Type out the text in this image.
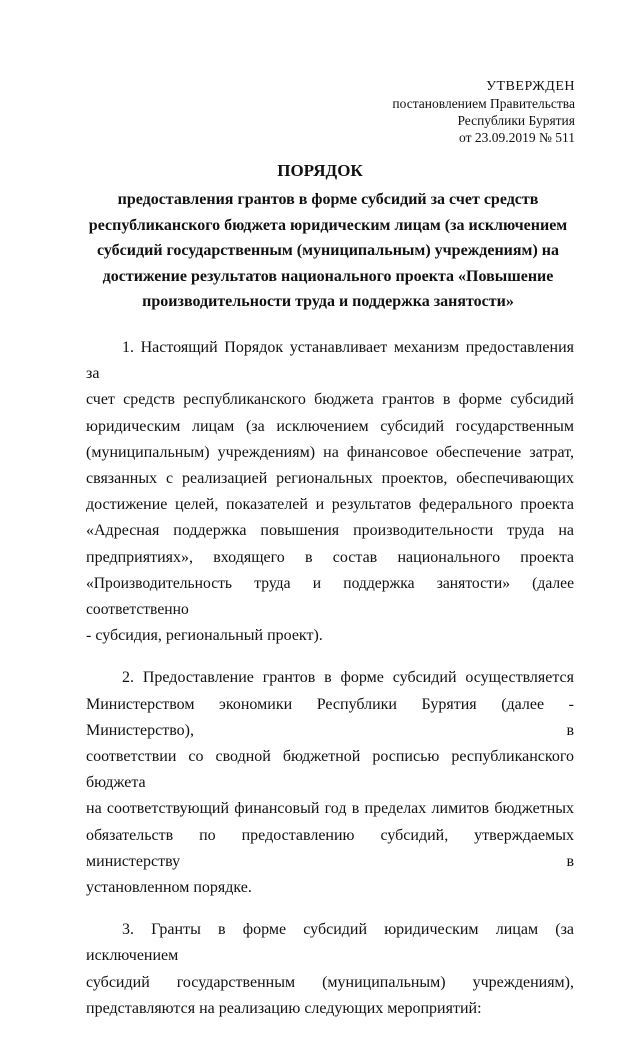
УТВЕРЖДЕН
постановлением Правительства
Республики Бурятия
от 23.09.2019 № 511
ПОРЯДОК
предоставления грантов в форме субсидий за счет средств
республиканского бюджета юридическим лицам (за исключением
субсидий государственным (муниципальным) учреждениям) на
достижение результатов национального проекта «Повышение
производительности труда и поддержка занятости»
1. Настоящий Порядок устанавливает механизм предоставления за
счет средств республиканского бюджета грантов в форме субсидий
юридическим лицам (за исключением субсидий государственным
(муниципальным) учреждениям) на финансовое обеспечение затрат,
связанных с реализацией региональных проектов, обеспечивающих
достижение целей, показателей и результатов федерального проекта
«Адресная поддержка повышения производительности труда на
предприятиях», входящего в состав национального проекта
«Производительность труда и поддержка занятости» (далее соответственно
- субсидия, региональный проект).
2. Предоставление грантов в форме субсидий осуществляется
Министерством экономики Республики Бурятия (далее - Министерство), в
соответствии со сводной бюджетной росписью республиканского бюджета
на соответствующий финансовый год в пределах лимитов бюджетных
обязательств по предоставлению субсидий, утверждаемых министерству в
установленном порядке.
3. Гранты в форме субсидий юридическим лицам (за исключением
субсидий государственным (муниципальным) учреждениям),
представляются на реализацию следующих мероприятий:
